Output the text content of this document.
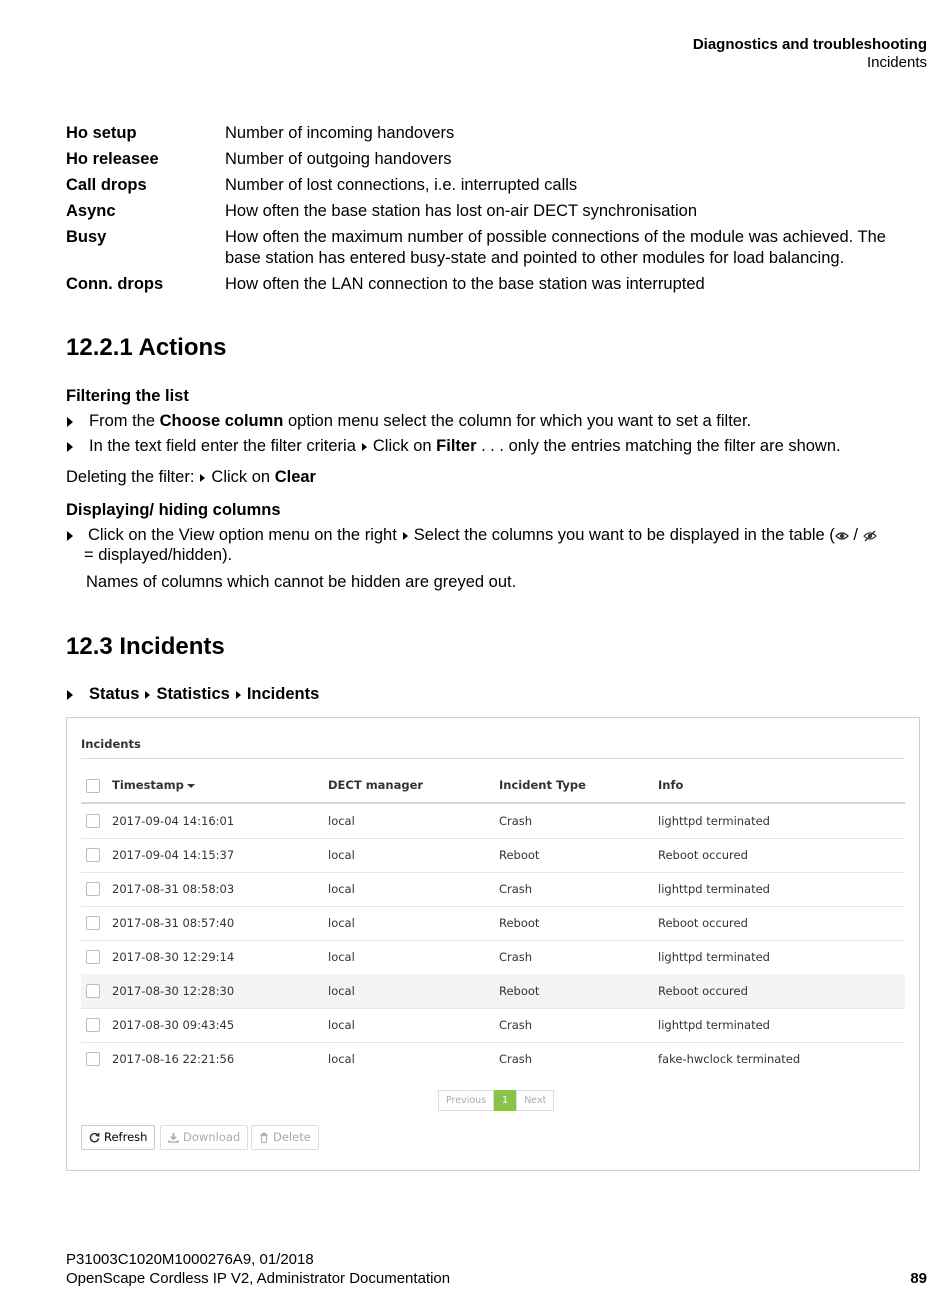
Diagnostics and troubleshooting
Incidents
Ho setup	Number of incoming handovers
Ho releasee	Number of outgoing handovers
Call drops	Number of lost connections, i.e. interrupted calls
Async	How often the base station has lost on-air DECT synchronisation
Busy	How often the maximum number of possible connections of the module was achieved. The base station has entered busy-state and pointed to other modules for load balancing.
Conn. drops	How often the LAN connection to the base station was interrupted
12.2.1 Actions
Filtering the list
From the Choose column option menu select the column for which you want to set a filter.
In the text field enter the filter criteria Click on Filter . . . only the entries matching the filter are shown.
Deleting the filter: Click on Clear
Displaying/ hiding columns
Click on the View option menu on the right Select the columns you want to be displayed in the table ( /
= displayed/hidden).
Names of columns which cannot be hidden are greyed out.
12.3 Incidents
Status Statistics Incidents
Incidents
Timestamp	DECT manager	Incident Type	Info
2017-09-04 14:16:01	local	Crash	lighttpd terminated
2017-09-04 14:15:37	local	Reboot	Reboot occured
2017-08-31 08:58:03	local	Crash	lighttpd terminated
2017-08-31 08:57:40	local	Reboot	Reboot occured
2017-08-30 12:29:14	local	Crash	lighttpd terminated
2017-08-30 12:28:30	local	Reboot	Reboot occured
2017-08-30 09:43:45	local	Crash	lighttpd terminated
2017-08-16 22:21:56	local	Crash	fake-hwclock terminated
Previous	1	Next
Refresh	Download	Delete
P31003C1020M1000276A9, 01/2018
OpenScape Cordless IP V2, Administrator Documentation	89
